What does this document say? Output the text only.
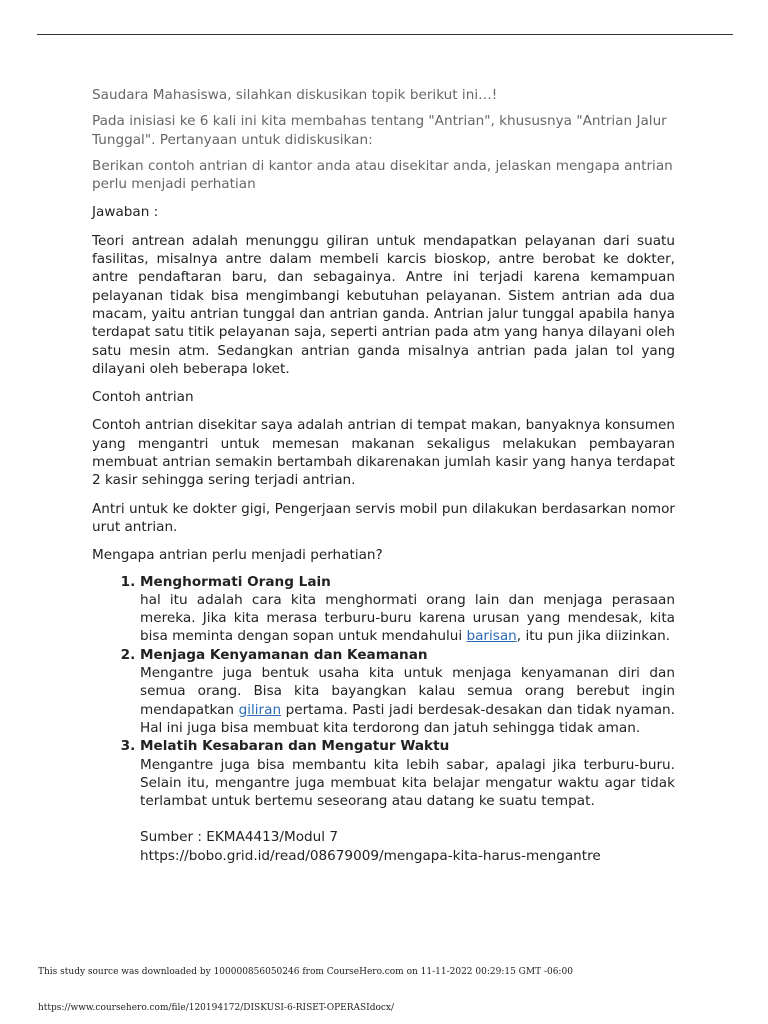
Saudara Mahasiswa, silahkan diskusikan topik berikut ini…!

Pada inisiasi ke 6 kali ini kita membahas tentang "Antrian", khususnya "Antrian Jalur Tunggal". Pertanyaan untuk didiskusikan:

Berikan contoh antrian di kantor anda atau disekitar anda, jelaskan mengapa antrian perlu menjadi perhatian

Jawaban :

Teori antrean adalah menunggu giliran untuk mendapatkan pelayanan dari suatu fasilitas, misalnya antre dalam membeli karcis bioskop, antre berobat ke dokter, antre pendaftaran baru, dan sebagainya. Antre ini terjadi karena kemampuan pelayanan tidak bisa mengimbangi kebutuhan pelayanan. Sistem antrian ada dua macam, yaitu antrian tunggal dan antrian ganda. Antrian jalur tunggal apabila hanya terdapat satu titik pelayanan saja, seperti antrian pada atm yang hanya dilayani oleh satu mesin atm. Sedangkan antrian ganda misalnya antrian pada jalan tol yang dilayani oleh beberapa loket.

Contoh antrian

Contoh antrian disekitar saya adalah antrian di tempat makan, banyaknya konsumen yang mengantri untuk memesan makanan sekaligus melakukan pembayaran membuat antrian semakin bertambah dikarenakan jumlah kasir yang hanya terdapat 2 kasir sehingga sering terjadi antrian.

Antri untuk ke dokter gigi, Pengerjaan servis mobil pun dilakukan berdasarkan nomor urut antrian.

Mengapa antrian perlu menjadi perhatian?

1. Menghormati Orang Lain
hal itu adalah cara kita menghormati orang lain dan menjaga perasaan mereka. Jika kita merasa terburu-buru karena urusan yang mendesak, kita bisa meminta dengan sopan untuk mendahului barisan, itu pun jika diizinkan.
2. Menjaga Kenyamanan dan Keamanan
Mengantre juga bentuk usaha kita untuk menjaga kenyamanan diri dan semua orang. Bisa kita bayangkan kalau semua orang berebut ingin mendapatkan giliran pertama. Pasti jadi berdesak-desakan dan tidak nyaman. Hal ini juga bisa membuat kita terdorong dan jatuh sehingga tidak aman.
3. Melatih Kesabaran dan Mengatur Waktu
Mengantre juga bisa membantu kita lebih sabar, apalagi jika terburu-buru. Selain itu, mengantre juga membuat kita belajar mengatur waktu agar tidak terlambat untuk bertemu seseorang atau datang ke suatu tempat.

Sumber : EKMA4413/Modul 7

https://bobo.grid.id/read/08679009/mengapa-kita-harus-mengantre

This study source was downloaded by 100000856050246 from CourseHero.com on 11-11-2022 00:29:15 GMT -06:00
https://www.coursehero.com/file/120194172/DISKUSI-6-RISET-OPERASIdocx/
